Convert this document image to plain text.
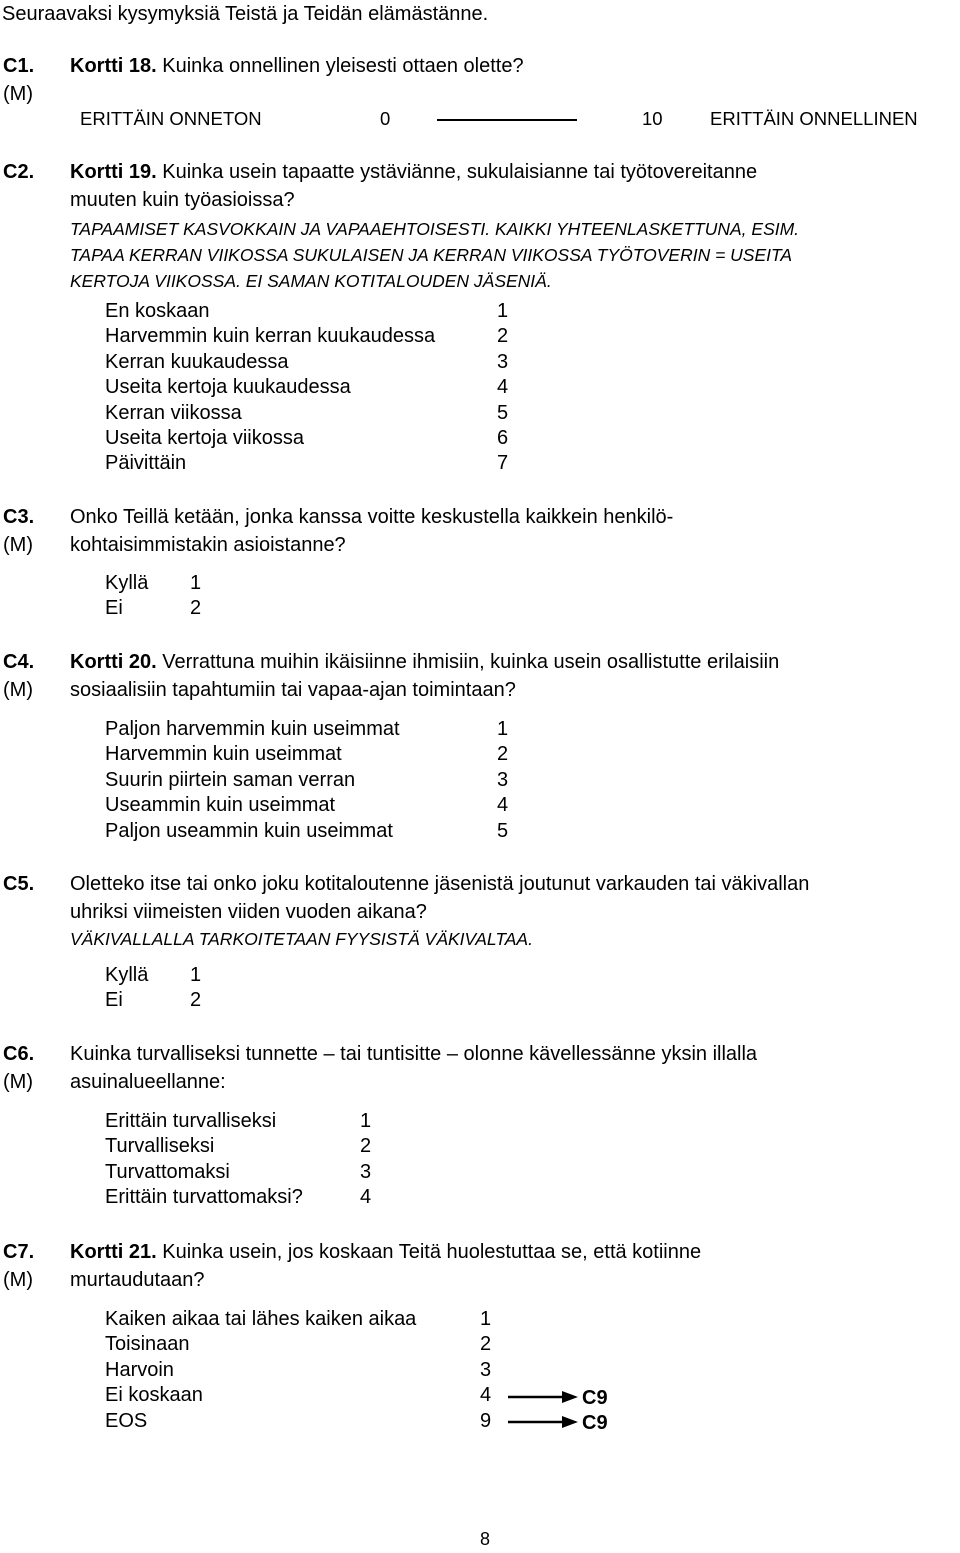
Seuraavaksi kysymyksiä Teistä ja Teidän elämästänne.
C1.
(M)
Kortti 18. Kuinka onnellinen yleisesti ottaen olette?
ERITTÄIN ONNETON	0	10	ERITTÄIN ONNELLINEN
C2.	Kortti 19. Kuinka usein tapaatte ystäviänne, sukulaisianne tai työtovereitanne
muuten kuin työasioissa?
TAPAAMISET KASVOKKAIN JA VAPAAEHTOISESTI. KAIKKI YHTEENLASKETTUNA, ESIM.
TAPAA KERRAN VIIKOSSA SUKULAISEN JA KERRAN VIIKOSSA TYÖTOVERIN = USEITA
KERTOJA VIIKOSSA. EI SAMAN KOTITALOUDEN JÄSENIÄ.
En koskaan	1
Harvemmin kuin kerran kuukaudessa	2
Kerran kuukaudessa	3
Useita kertoja kuukaudessa	4
Kerran viikossa	5
Useita kertoja viikossa	6
Päivittäin	7
C3.
(M)
Onko Teillä ketään, jonka kanssa voitte keskustella kaikkein henkilö-
kohtaisimmistakin asioistanne?
Kyllä 1
Ei	2
C4.
(M)
Kortti 20. Verrattuna muihin ikäisiinne ihmisiin, kuinka usein osallistutte erilaisiin
sosiaalisiin tapahtumiin tai vapaa-ajan toimintaan?
Paljon harvemmin kuin useimmat	1
Harvemmin kuin useimmat	2
Suurin piirtein saman verran	3
Useammin kuin useimmat	4
Paljon useammin kuin useimmat	5
C5.	Oletteko itse tai onko joku kotitaloutenne jäsenistä joutunut varkauden tai väkivallan
uhriksi viimeisten viiden vuoden aikana?
VÄKIVALLALLA TARKOITETAAN FYYSISTÄ VÄKIVALTAA.
Kyllä 1
Ei	2
C6.
(M)
Kuinka turvalliseksi tunnette – tai tuntisitte – olonne kävellessänne yksin illalla
asuinalueellanne:
Erittäin turvalliseksi	1
Turvalliseksi	2
Turvattomaksi	3
Erittäin turvattomaksi?	4
C7.
(M)
Kortti 21. Kuinka usein, jos koskaan Teitä huolestuttaa se, että kotiinne
murtaudutaan?
Kaiken aikaa tai lähes kaiken aikaa	1
Toisinaan	2
Harvoin	3
Ei koskaan	4
EOS	9
C9
C9
8
